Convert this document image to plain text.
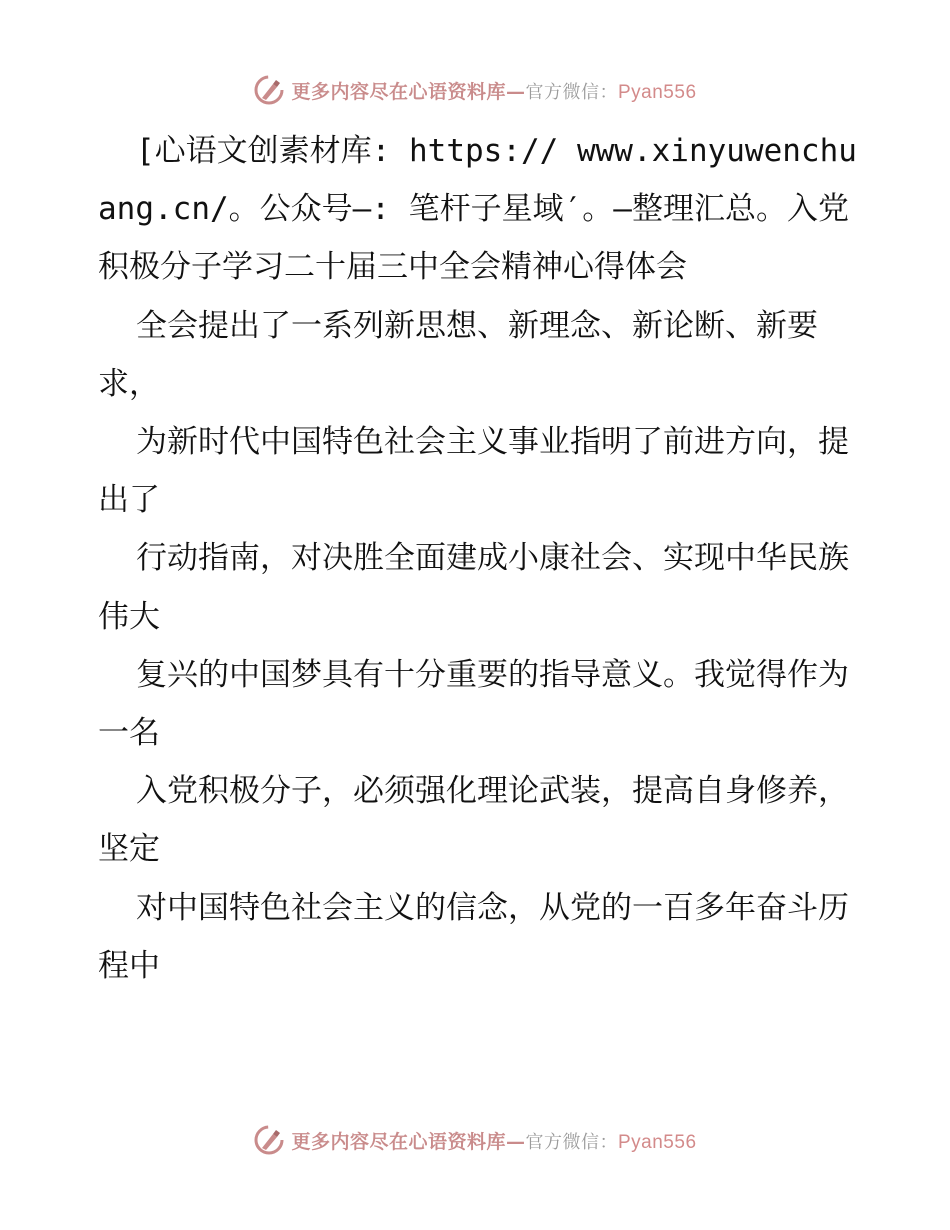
更多内容尽在心语资料库—官方微信：Pyan556

[心语文创素材库: https:// www.xinyuwenchuang.cn/。公众号—: 笔杆子星域′。—整理汇总。入党积极分子学习二十届三中全会精神心得体会

全会提出了一系列新思想、新理念、新论断、新要求，

为新时代中国特色社会主义事业指明了前进方向，提出了

行动指南，对决胜全面建成小康社会、实现中华民族伟大

复兴的中国梦具有十分重要的指导意义。我觉得作为一名

入党积极分子，必须强化理论武装，提高自身修养，坚定

对中国特色社会主义的信念，从党的一百多年奋斗历程中

更多内容尽在心语资料库—官方微信：Pyan556
